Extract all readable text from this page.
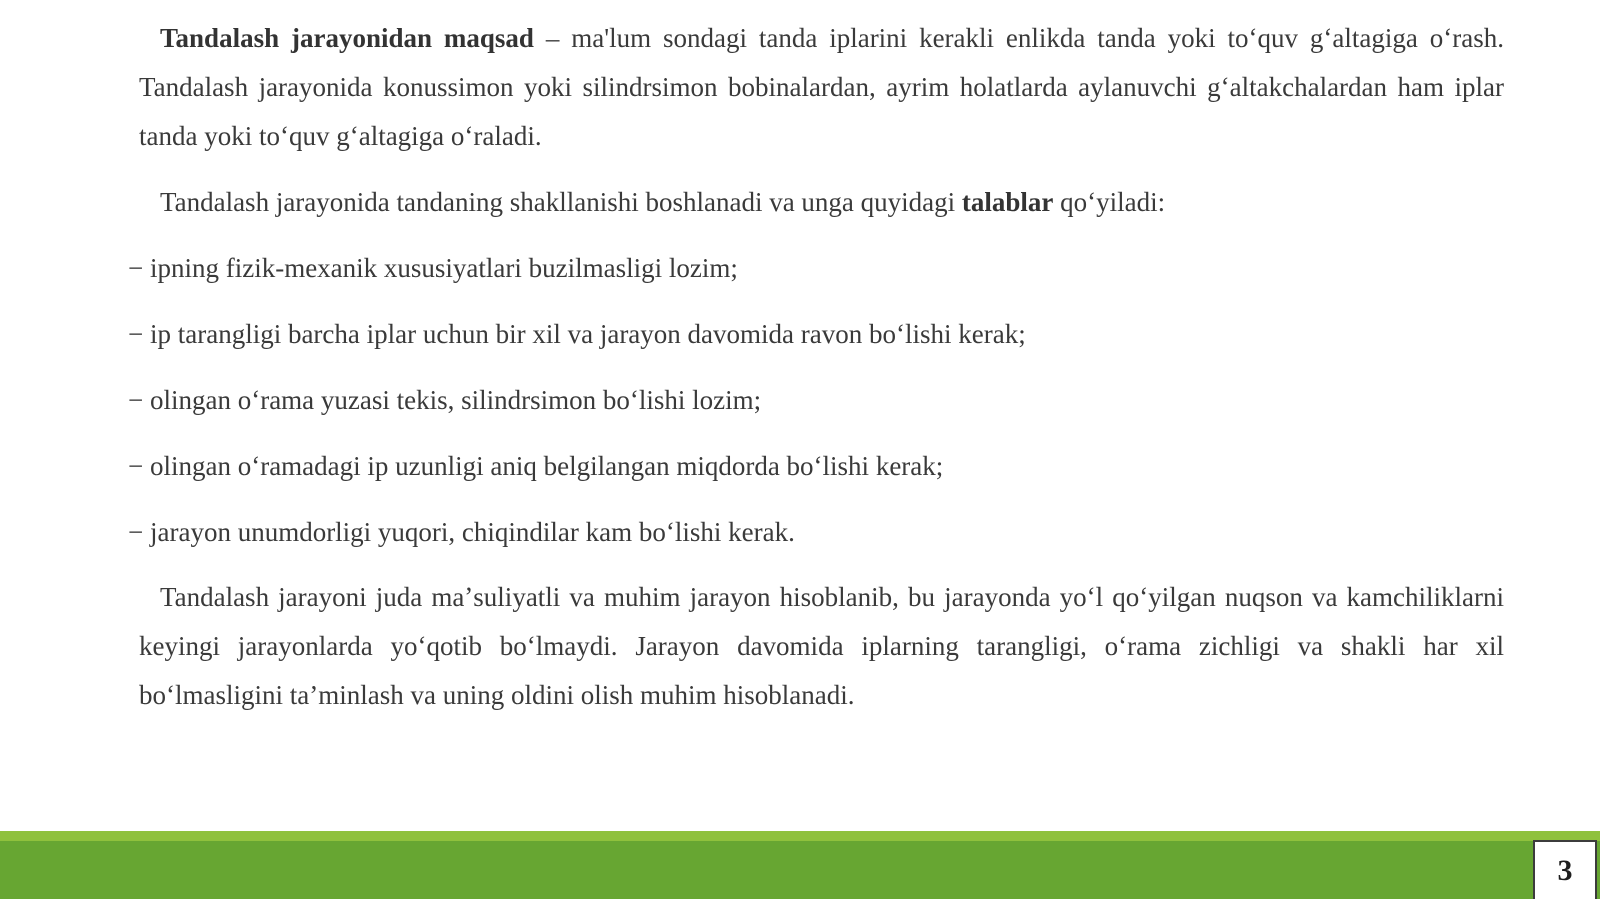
Tandalash jarayonidan maqsad – ma'lum sondagi tanda iplarini kerakli enlikda tanda yoki to‘quv g‘altagiga o‘rash. Tandalash jarayonida konussimon yoki silindrsimon bobinalardan, ayrim holatlarda aylanuvchi g‘altakchalardan ham iplar tanda yoki to‘quv g‘altagiga o‘raladi.

Tandalash jarayonida tandaning shakllanishi boshlanadi va unga quyidagi talablar qo‘yiladi:

− ipning fizik-mexanik xususiyatlari buzilmasligi lozim;
− ip tarangligi barcha iplar uchun bir xil va jarayon davomida ravon bo‘lishi kerak;
− olingan o‘rama yuzasi tekis, silindrsimon bo‘lishi lozim;
− olingan o‘ramadagi ip uzunligi aniq belgilangan miqdorda bo‘lishi kerak;
− jarayon unumdorligi yuqori, chiqindilar kam bo‘lishi kerak.

Tandalash jarayoni juda maʼsuliyatli va muhim jarayon hisoblanib, bu jarayonda yo‘l qo‘yilgan nuqson va kamchiliklarni keyingi jarayonlarda yo‘qotib bo‘lmaydi. Jarayon davomida iplarning tarangligi, o‘rama zichligi va shakli har xil bo‘lmasligini ta’minlash va uning oldini olish muhim hisoblanadi.

3
